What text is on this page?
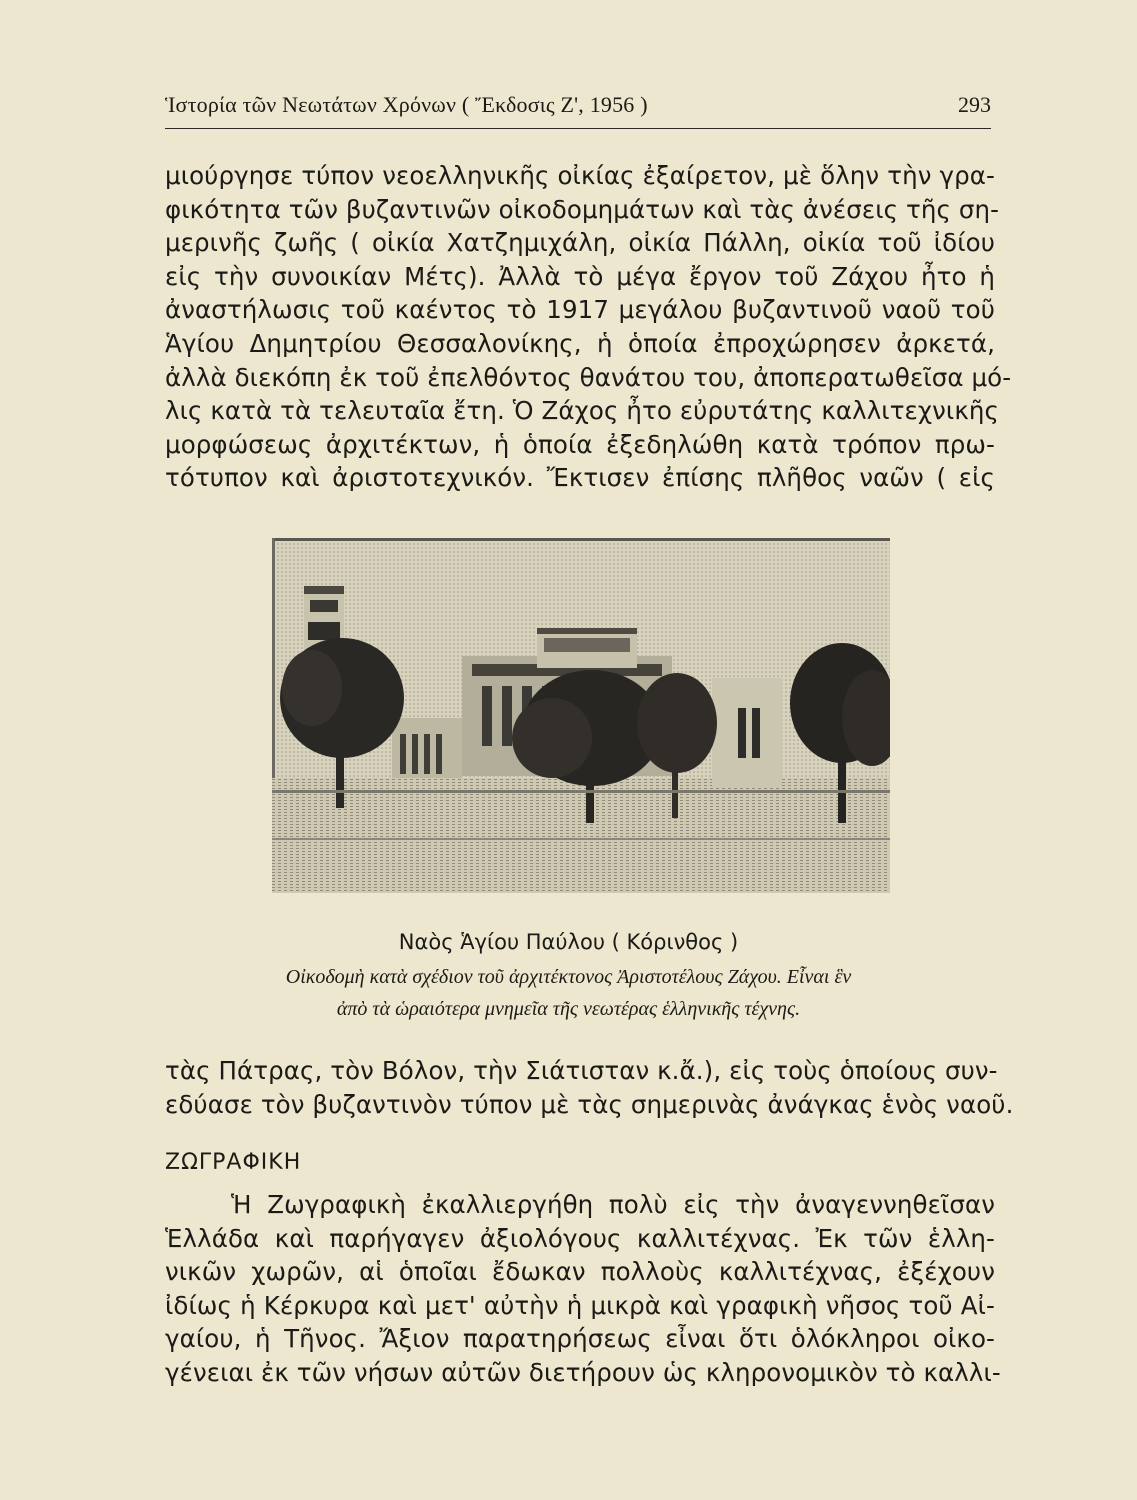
Ἱστορία τῶν Νεωτάτων Χρόνων ( Ἔκδοσις Ζ', 1956 )	293
μιούργησε τύπον νεοελληνικῆς οἰκίας ἐξαίρετον, μὲ ὅλην τὴν γρα-
φικότητα τῶν βυζαντινῶν οἰκοδομημάτων καὶ τὰς ἀνέσεις τῆς ση-
μερινῆς ζωῆς ( οἰκία Χατζημιχάλη, οἰκία Πάλλη, οἰκία τοῦ ἰδίου
εἰς τὴν συνοικίαν Μέτς). Ἀλλὰ τὸ μέγα ἔργον τοῦ Ζάχου ἦτο ἡ
ἀναστήλωσις τοῦ καέντος τὸ 1917 μεγάλου βυζαντινοῦ ναοῦ τοῦ
Ἁγίου Δημητρίου Θεσσαλονίκης, ἡ ὁποία ἐπροχώρησεν ἀρκετά,
ἀλλὰ διεκόπη ἐκ τοῦ ἐπελθόντος θανάτου του, ἀποπερατωθεῖσα μό-
λις κατὰ τὰ τελευταῖα ἔτη. Ὁ Ζάχος ἦτο εὐρυτάτης καλλιτεχνικῆς
μορφώσεως ἀρχιτέκτων, ἡ ὁποία ἐξεδηλώθη κατὰ τρόπον πρω-
τότυπον καὶ ἀριστοτεχνικόν. Ἔκτισεν ἐπίσης πλῆθος ναῶν ( εἰς
Ναὸς Ἁγίου Παύλου ( Κόρινθος )
Οἰκοδομὴ κατὰ σχέδιον τοῦ ἀρχιτέκτονος Ἀριστοτέλους Ζάχου. Εἶναι ἓν
ἀπὸ τὰ ὡραιότερα μνημεῖα τῆς νεωτέρας ἑλληνικῆς τέχνης.
τὰς Πάτρας, τὸν Βόλον, τὴν Σιάτισταν κ.ἄ.), εἰς τοὺς ὁποίους συν-
εδύασε τὸν βυζαντινὸν τύπον μὲ τὰς σημερινὰς ἀνάγκας ἑνὸς ναοῦ.
ΖΩΓΡΑΦΙΚΗ
Ἡ Ζωγραφικὴ ἐκαλλιεργήθη πολὺ εἰς τὴν ἀναγεννηθεῖσαν
Ἑλλάδα καὶ παρήγαγεν ἀξιολόγους καλλιτέχνας. Ἐκ τῶν ἑλλη-
νικῶν χωρῶν, αἱ ὁποῖαι ἔδωκαν πολλοὺς καλλιτέχνας, ἐξέχουν
ἰδίως ἡ Κέρκυρα καὶ μετ' αὐτὴν ἡ μικρὰ καὶ γραφικὴ νῆσος τοῦ Αἰ-
γαίου, ἡ Τῆνος. Ἄξιον παρατηρήσεως εἶναι ὅτι ὁλόκληροι οἰκο-
γένειαι ἐκ τῶν νήσων αὐτῶν διετήρουν ὡς κληρονομικὸν τὸ καλλι-
